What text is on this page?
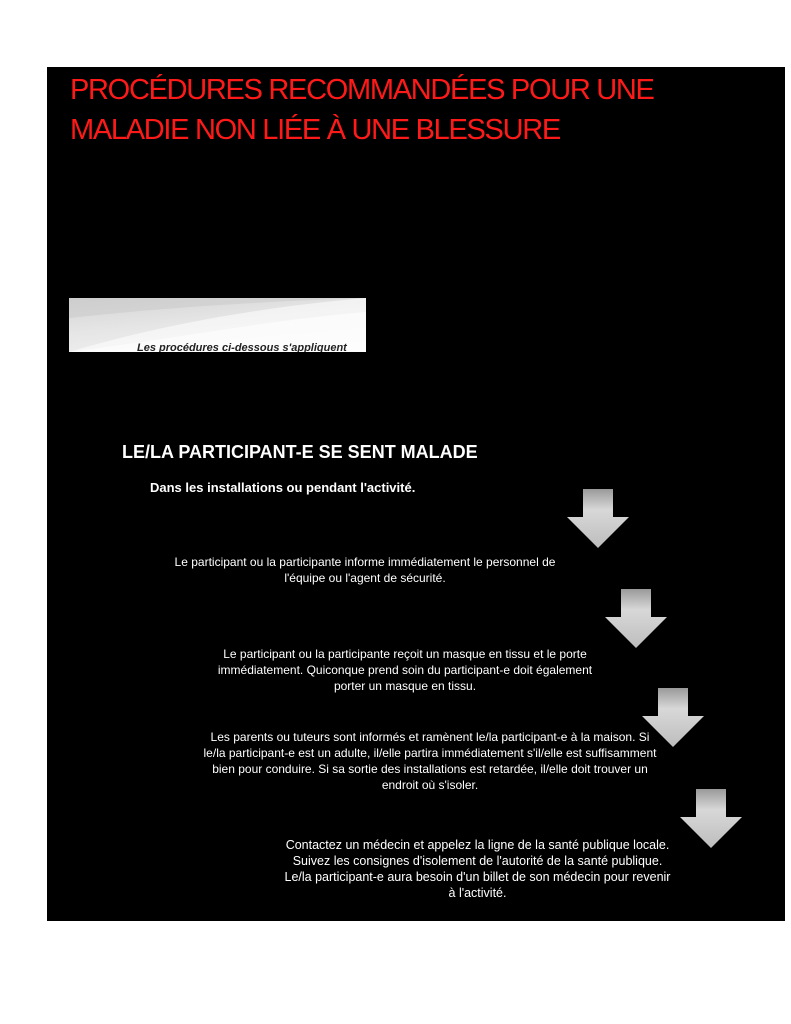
PROCÉDURES RECOMMANDÉES POUR UNE MALADIE NON LIÉE À UNE BLESSURE
Les procédures ci-dessous s'appliquent
LE/LA PARTICIPANT-E SE SENT MALADE
Dans les installations ou pendant l'activité.
Le participant ou la participante informe immédiatement le personnel de l'équipe ou l'agent de sécurité.
Le participant ou la participante reçoit un masque en tissu et le porte immédiatement. Quiconque prend soin du participant-e doit également porter un masque en tissu.
Les parents ou tuteurs sont informés et ramènent le/la participant-e à la maison. Si le/la participant-e est un adulte, il/elle partira immédiatement s'il/elle est suffisamment bien pour conduire. Si sa sortie des installations est retardée, il/elle doit trouver un endroit où s'isoler.
Contactez un médecin et appelez la ligne de la santé publique locale. Suivez les consignes d'isolement de l'autorité de la santé publique. Le/la participant-e aura besoin d'un billet de son médecin pour revenir à l'activité.
